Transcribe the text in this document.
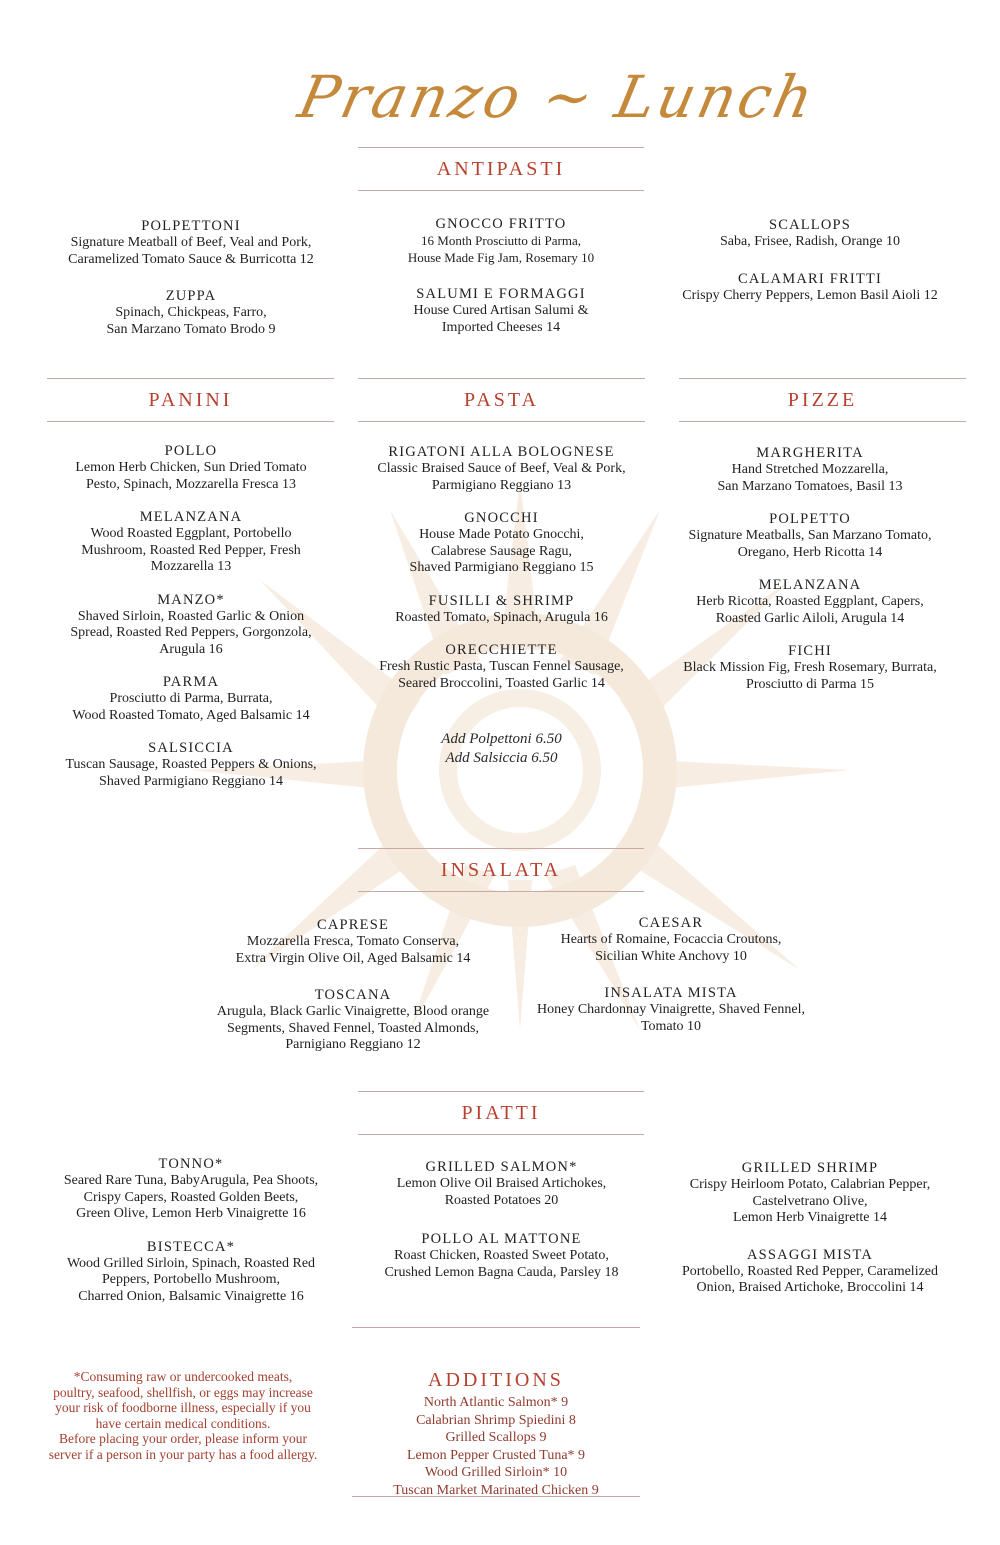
Pranzo ~ Lunch
ANTIPASTI
POLPETTONI
Signature Meatball of Beef, Veal and Pork,
Caramelized Tomato Sauce & Burricotta 12
ZUPPA
Spinach, Chickpeas, Farro,
San Marzano Tomato Brodo 9
GNOCCO FRITTO
16 Month Prosciutto di Parma,
House Made Fig Jam, Rosemary 10
SALUMI E FORMAGGI
House Cured Artisan Salumi &
Imported Cheeses 14
SCALLOPS
Saba, Frisee, Radish, Orange 10
CALAMARI FRITTI
Crispy Cherry Peppers, Lemon Basil Aioli 12
PANINI	PASTA	PIZZE
POLLO
Lemon Herb Chicken, Sun Dried Tomato
Pesto, Spinach, Mozzarella Fresca 13
MELANZANA
Wood Roasted Eggplant, Portobello
Mushroom, Roasted Red Pepper, Fresh
Mozzarella 13
MANZO*
Shaved Sirloin, Roasted Garlic & Onion
Spread, Roasted Red Peppers, Gorgonzola,
Arugula 16
PARMA
Prosciutto di Parma, Burrata,
Wood Roasted Tomato, Aged Balsamic 14
SALSICCIA
Tuscan Sausage, Roasted Peppers & Onions,
Shaved Parmigiano Reggiano 14
RIGATONI ALLA BOLOGNESE
Classic Braised Sauce of Beef, Veal & Pork,
Parmigiano Reggiano 13
GNOCCHI
House Made Potato Gnocchi,
Calabrese Sausage Ragu,
Shaved Parmigiano Reggiano 15
FUSILLI & SHRIMP
Roasted Tomato, Spinach, Arugula 16
ORECCHIETTE
Fresh Rustic Pasta, Tuscan Fennel Sausage,
Seared Broccolini, Toasted Garlic 14
Add Polpettoni 6.50
Add Salsiccia 6.50
MARGHERITA
Hand Stretched Mozzarella,
San Marzano Tomatoes, Basil 13
POLPETTO
Signature Meatballs, San Marzano Tomato,
Oregano, Herb Ricotta 14
MELANZANA
Herb Ricotta, Roasted Eggplant, Capers,
Roasted Garlic Ailoli, Arugula 14
FICHI
Black Mission Fig, Fresh Rosemary, Burrata,
Prosciutto di Parma 15
INSALATA
CAPRESE
Mozzarella Fresca, Tomato Conserva,
Extra Virgin Olive Oil, Aged Balsamic 14
TOSCANA
Arugula, Black Garlic Vinaigrette, Blood orange
Segments, Shaved Fennel, Toasted Almonds,
Parnigiano Reggiano 12
CAESAR
Hearts of Romaine, Focaccia Croutons,
Sicilian White Anchovy 10
INSALATA MISTA
Honey Chardonnay Vinaigrette, Shaved Fennel,
Tomato 10
PIATTI
TONNO*
Seared Rare Tuna, BabyArugula, Pea Shoots,
Crispy Capers, Roasted Golden Beets,
Green Olive, Lemon Herb Vinaigrette 16
BISTECCA*
Wood Grilled Sirloin, Spinach, Roasted Red
Peppers, Portobello Mushroom,
Charred Onion, Balsamic Vinaigrette 16
GRILLED SALMON*
Lemon Olive Oil Braised Artichokes,
Roasted Potatoes 20
POLLO AL MATTONE
Roast Chicken, Roasted Sweet Potato,
Crushed Lemon Bagna Cauda, Parsley 18
GRILLED SHRIMP
Crispy Heirloom Potato, Calabrian Pepper,
Castelvetrano Olive,
Lemon Herb Vinaigrette 14
ASSAGGI MISTA
Portobello, Roasted Red Pepper, Caramelized
Onion, Braised Artichoke, Broccolini 14
*Consuming raw or undercooked meats,
poultry, seafood, shellfish, or eggs may increase
your risk of foodborne illness, especially if you
have certain medical conditions.
Before placing your order, please inform your
server if a person in your party has a food allergy.
ADDITIONS
North Atlantic Salmon* 9
Calabrian Shrimp Spiedini 8
Grilled Scallops 9
Lemon Pepper Crusted Tuna* 9
Wood Grilled Sirloin* 10
Tuscan Market Marinated Chicken 9
